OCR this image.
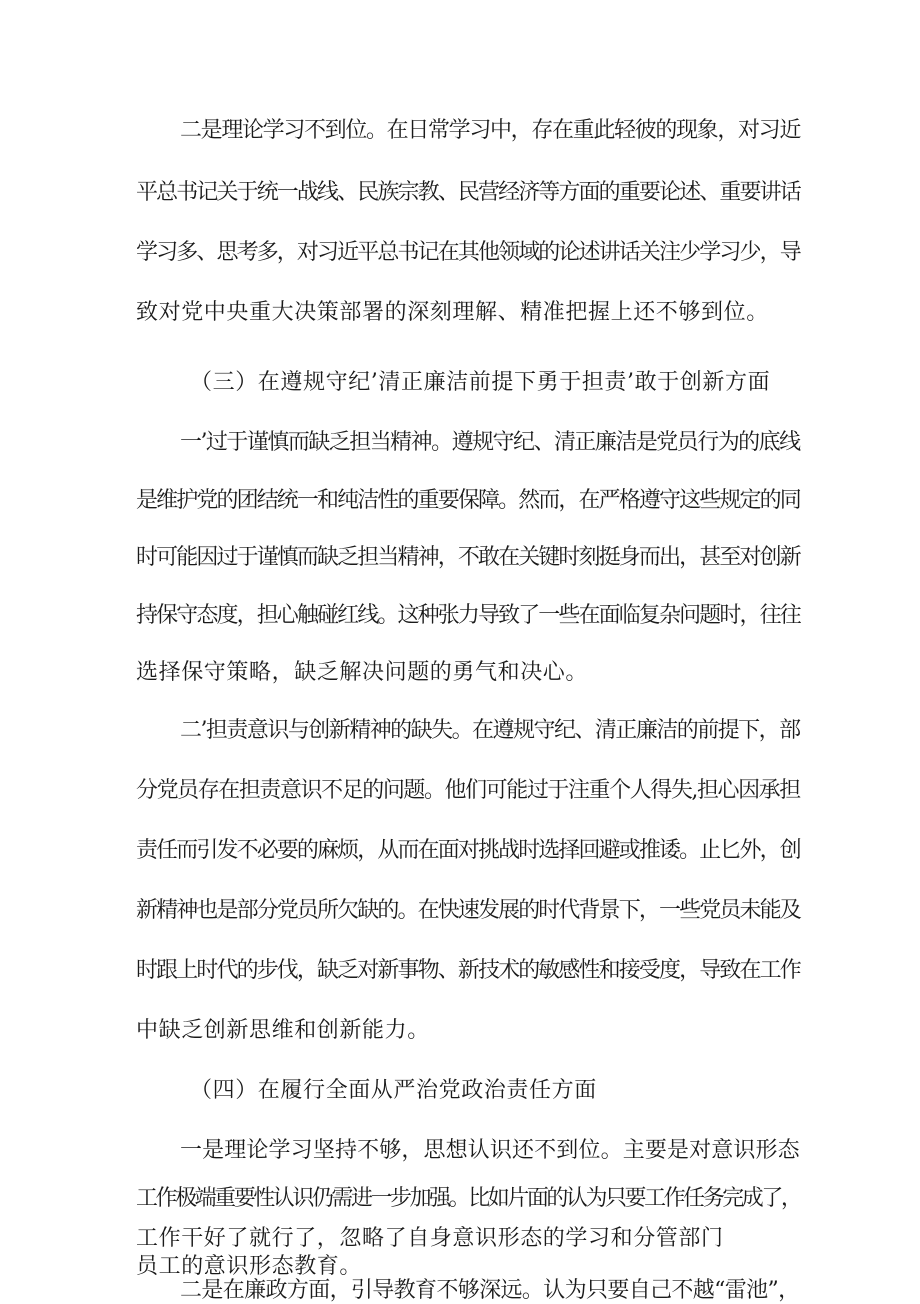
二是理论学习不到位。在日常学习中，存在重此轻彼的现象，对习近
平总书记关于统一战线、民族宗教、民营经济等方面的重要论述、重要讲话
学习多、思考多，对习近平总书记在其他领域的论述讲话关注少学习少，导
致对党中央重大决策部署的深刻理解、精准把握上还不够到位。
（三）在遵规守纪’清正廉洁前提下勇于担责’敢于创新方面
一’过于谨慎而缺乏担当精神。遵规守纪、清正廉洁是党员行为的底线
是维护党的团结统一和纯洁性的重要保障。然而，在严格遵守这些规定的同
时可能因过于谨慎而缺乏担当精神，不敢在关键时刻挺身而出，甚至对创新
持保守态度，担心触碰红线。这种张力导致了一些在面临复杂问题时，往往
选择保守策略，缺乏解决问题的勇气和决心。
二’担责意识与创新精神的缺失。在遵规守纪、清正廉洁的前提下，部
分党员存在担责意识不足的问题。他们可能过于注重个人得失,担心因承担
责任而引发不必要的麻烦，从而在面对挑战时选择回避或推诿。止匕外，创
新精神也是部分党员所欠缺的。在快速发展的时代背景下，一些党员未能及
时跟上时代的步伐，缺乏对新事物、新技术的敏感性和接受度，导致在工作
中缺乏创新思维和创新能力。
（四）在履行全面从严治党政治责任方面
一是理论学习坚持不够，思想认识还不到位。主要是对意识形态
工作极端重要性认识仍需进一步加强。比如片面的认为只要工作任务完成了，
工作干好了就行了，忽略了自身意识形态的学习和分管部门
员工的意识形态教育。
二是在廉政方面，引导教育不够深远。认为只要自己不越“雷池”，
